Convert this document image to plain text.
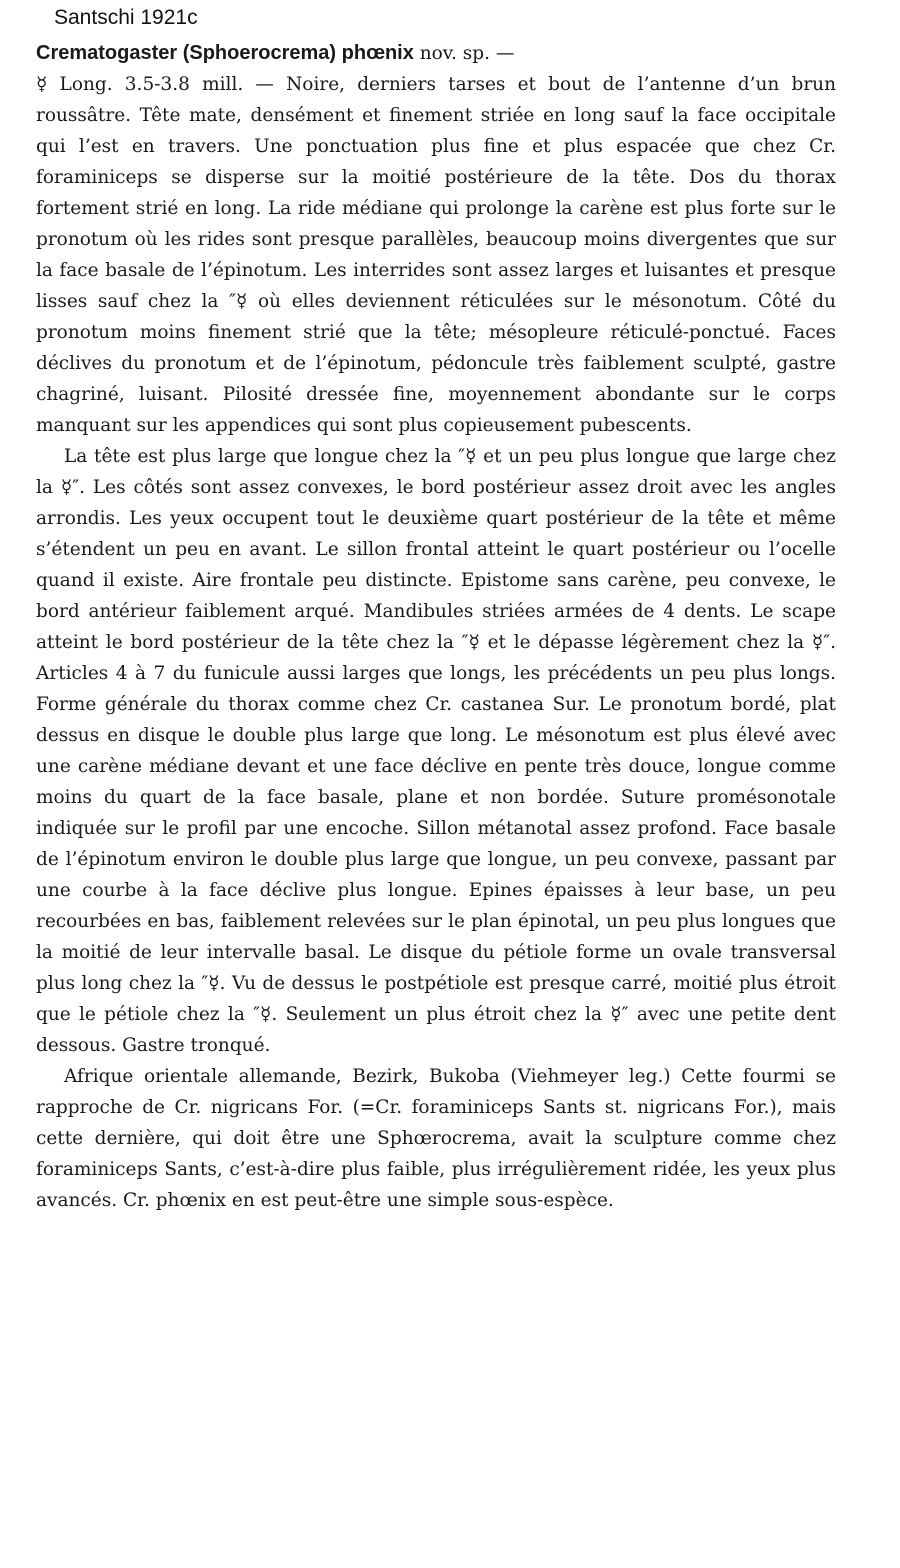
Santschi 1921c

Crematogaster (Sphoerocrema) phœnix nov. sp. —

☿ Long. 3.5-3.8 mill. — Noire, derniers tarses et bout de l’antenne d’un brun roussâtre. Tête mate, densément et finement striée en long sauf la face occipitale qui l’est en travers. Une ponctuation plus fine et plus espacée que chez Cr. foraminiceps se disperse sur la moitié postérieure de la tête. Dos du thorax fortement strié en long. La ride médiane qui prolonge la carène est plus forte sur le pronotum où les rides sont presque parallèles, beaucoup moins divergentes que sur la face basale de l’épinotum. Les interrides sont assez larges et luisantes et presque lisses sauf chez la ″☿ où elles deviennent réticulées sur le mésonotum. Côté du pronotum moins finement strié que la tête; mésopleure réticulé-ponctué. Faces déclives du pronotum et de l’épinotum, pédoncule très faiblement sculpté, gastre chagriné, luisant. Pilosité dressée fine, moyennement abondante sur le corps manquant sur les appendices qui sont plus copieusement pubescents.

La tête est plus large que longue chez la ″☿ et un peu plus longue que large chez la ☿″. Les côtés sont assez convexes, le bord postérieur assez droit avec les angles arrondis. Les yeux occupent tout le deuxième quart postérieur de la tête et même s’étendent un peu en avant. Le sillon frontal atteint le quart postérieur ou l’ocelle quand il existe. Aire frontale peu distincte. Epistome sans carène, peu convexe, le bord antérieur faiblement arqué. Mandibules striées armées de 4 dents. Le scape atteint le bord postérieur de la tête chez la ″☿ et le dépasse légèrement chez la ☿″. Articles 4 à 7 du funicule aussi larges que longs, les précédents un peu plus longs. Forme générale du thorax comme chez Cr. castanea Sur. Le pronotum bordé, plat dessus en disque le double plus large que long. Le mésonotum est plus élevé avec une carène médiane devant et une face déclive en pente très douce, longue comme moins du quart de la face basale, plane et non bordée. Suture promésonotale indiquée sur le profil par une encoche. Sillon métanotal assez profond. Face basale de l’épinotum environ le double plus large que longue, un peu convexe, passant par une courbe à la face déclive plus longue. Epines épaisses à leur base, un peu recourbées en bas, faiblement relevées sur le plan épinotal, un peu plus longues que la moitié de leur intervalle basal. Le disque du pétiole forme un ovale transversal plus long chez la ″☿. Vu de dessus le postpétiole est presque carré, moitié plus étroit que le pétiole chez la ″☿. Seulement un plus étroit chez la ☿″ avec une petite dent dessous. Gastre tronqué.

Afrique orientale allemande, Bezirk, Bukoba (Viehmeyer leg.) Cette fourmi se rapproche de Cr. nigricans For. (=Cr. foraminiceps Sants st. nigricans For.), mais cette dernière, qui doit être une Sphœrocrema, avait la sculpture comme chez foraminiceps Sants, c’est-à-dire plus faible, plus irrégulièrement ridée, les yeux plus avancés. Cr. phœnix en est peut-être une simple sous-espèce.
